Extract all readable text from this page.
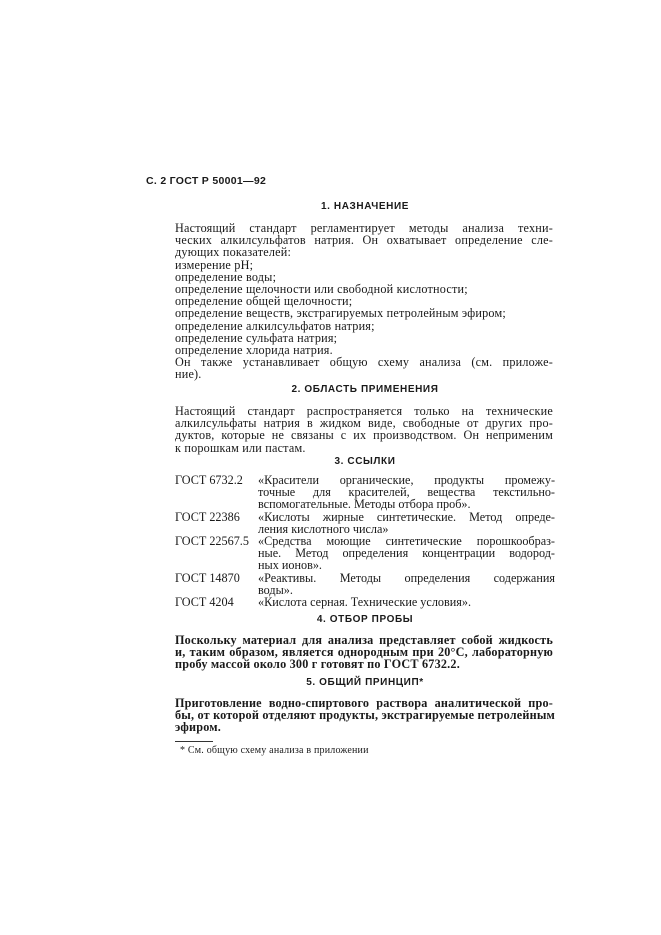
С. 2 ГОСТ Р 50001—92
1. НАЗНАЧЕНИЕ
Настоящий стандарт регламентирует методы анализа техни-
ческих алкилсульфатов натрия. Он охватывает определение сле-
дующих показателей:
измерение pH;
определение воды;
определение щелочности или свободной кислотности;
определение общей щелочности;
определение веществ, экстрагируемых петролейным эфиром;
определение алкилсульфатов натрия;
определение сульфата натрия;
определение хлорида натрия.
Он также устанавливает общую схему анализа (см. приложе-
ние).
2. ОБЛАСТЬ ПРИМЕНЕНИЯ
Настоящий стандарт распространяется только на технические
алкилсульфаты натрия в жидком виде, свободные от других про-
дуктов, которые не связаны с их производством. Он неприменим
к порошкам или пастам.
3. ССЫЛКИ
ГОСТ 6732.2 «Красители органические, продукты промежу-
точные для красителей, вещества текстильно-
вспомогательные. Методы отбора проб».
ГОСТ 22386 «Кислоты жирные синтетические. Метод опреде-
ления кислотного числа»
ГОСТ 22567.5 «Средства моющие синтетические порошкообраз-
ные. Метод определения концентрации водород-
ных ионов».
ГОСТ 14870 «Реактивы. Методы определения содержания
воды».
ГОСТ 4204 «Кислота серная. Технические условия».
4. ОТБОР ПРОБЫ
Поскольку материал для анализа представляет собой жидкость
и, таким образом, является однородным при 20°С, лабораторную
пробу массой около 300 г готовят по ГОСТ 6732.2.
5. ОБЩИЙ ПРИНЦИП*
Приготовление водно-спиртового раствора аналитической про-
бы, от которой отделяют продукты, экстрагируемые петролейным
эфиром.
* См. общую схему анализа в приложении
